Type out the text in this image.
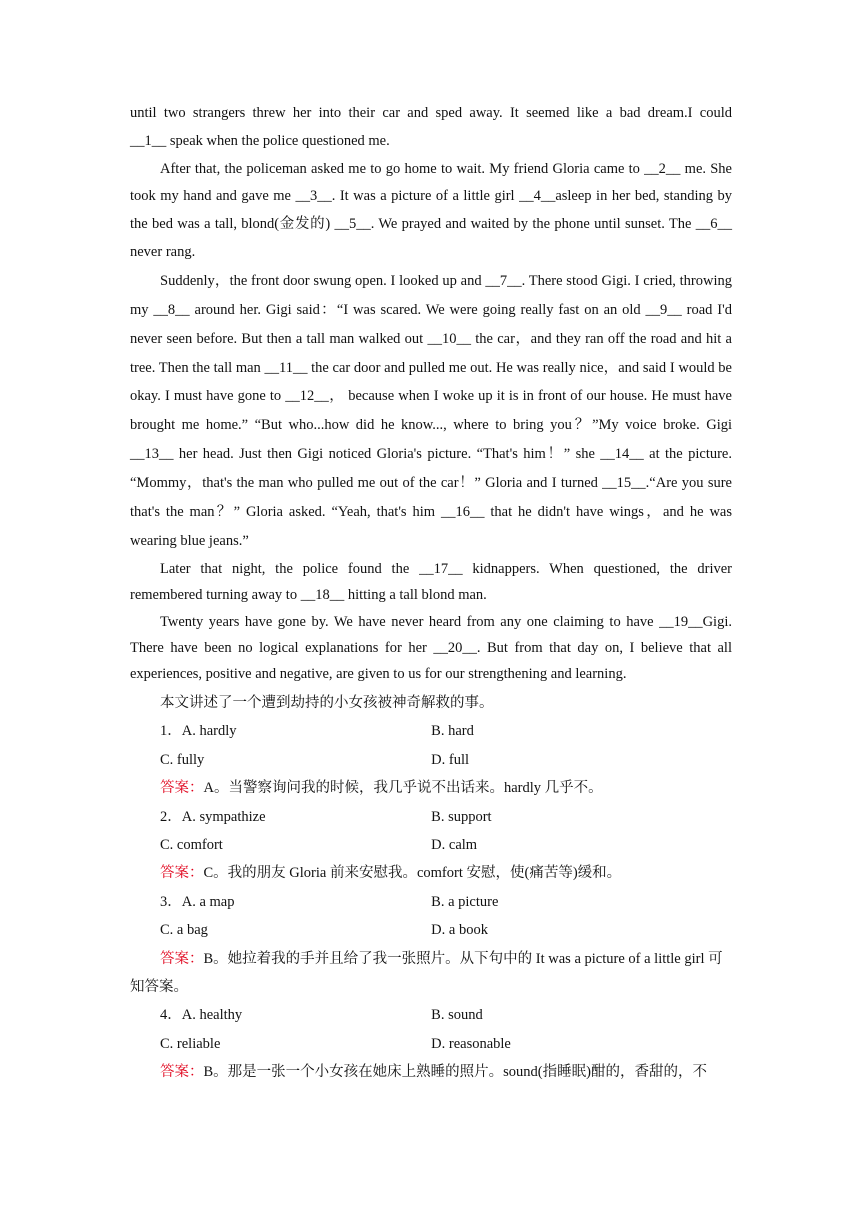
until two strangers threw her into their car and sped away. It seemed like a bad dream.I could

__1__ speak when the police questioned me.

After that, the policeman asked me to go home to wait. My friend Gloria came to __2__ me. She took my hand and gave me __3__. It was a picture of a little girl __4__asleep in her bed, standing by the bed was a tall, blond(金发的) __5__. We prayed and waited by the phone until sunset. The __6__ never rang.

Suddenly，the front door swung open. I looked up and __7__. There stood Gigi. I cried, throwing my __8__ around her. Gigi said：“I was scared. We were going really fast on an old __9__ road I'd never seen before. But then a tall man walked out __10__ the car，and they ran off the road and hit a tree. Then the tall man __11__ the car door and pulled me out. He was really nice，and said I would be okay. I must have gone to __12__， because when I woke up it is in front of our house. He must have brought me home.” “But who...how did he know..., where to bring you？”My voice broke. Gigi __13__ her head. Just then Gigi noticed Gloria's picture. “That's him！” she __14__ at the picture. “Mommy，that's the man who pulled me out of the car！” Gloria and I turned __15__.“Are you sure that's the man？” Gloria asked. “Yeah, that's him __16__ that he didn't have wings，and he was wearing blue jeans.”

Later that night, the police found the __17__ kidnappers. When questioned, the driver remembered turning away to __18__ hitting a tall blond man.

Twenty years have gone by. We have never heard from any one claiming to have __19__Gigi. There have been no logical explanations for her __20__. But from that day on, I believe that all experiences, positive and negative, are given to us for our strengthening and learning.

本文讲述了一个遭到劫持的小女孩被神奇解救的事。

1．A. hardly	B. hard
C. fully	D. full

答案：A。当警察询问我的时候，我几乎说不出话来。hardly 几乎不。

2．A. sympathize	B. support
C. comfort	D. calm

答案：C。我的朋友 Gloria 前来安慰我。comfort 安慰，使(痛苦等)缓和。

3．A. a map	B. a picture
C. a bag	D. a book

答案：B。她拉着我的手并且给了我一张照片。从下句中的 It was a picture of a little girl 可知答案。

4．A. healthy	B. sound
C. reliable	D. reasonable

答案：B。那是一张一个小女孩在她床上熟睡的照片。sound(指睡眠)酣的，香甜的，不
